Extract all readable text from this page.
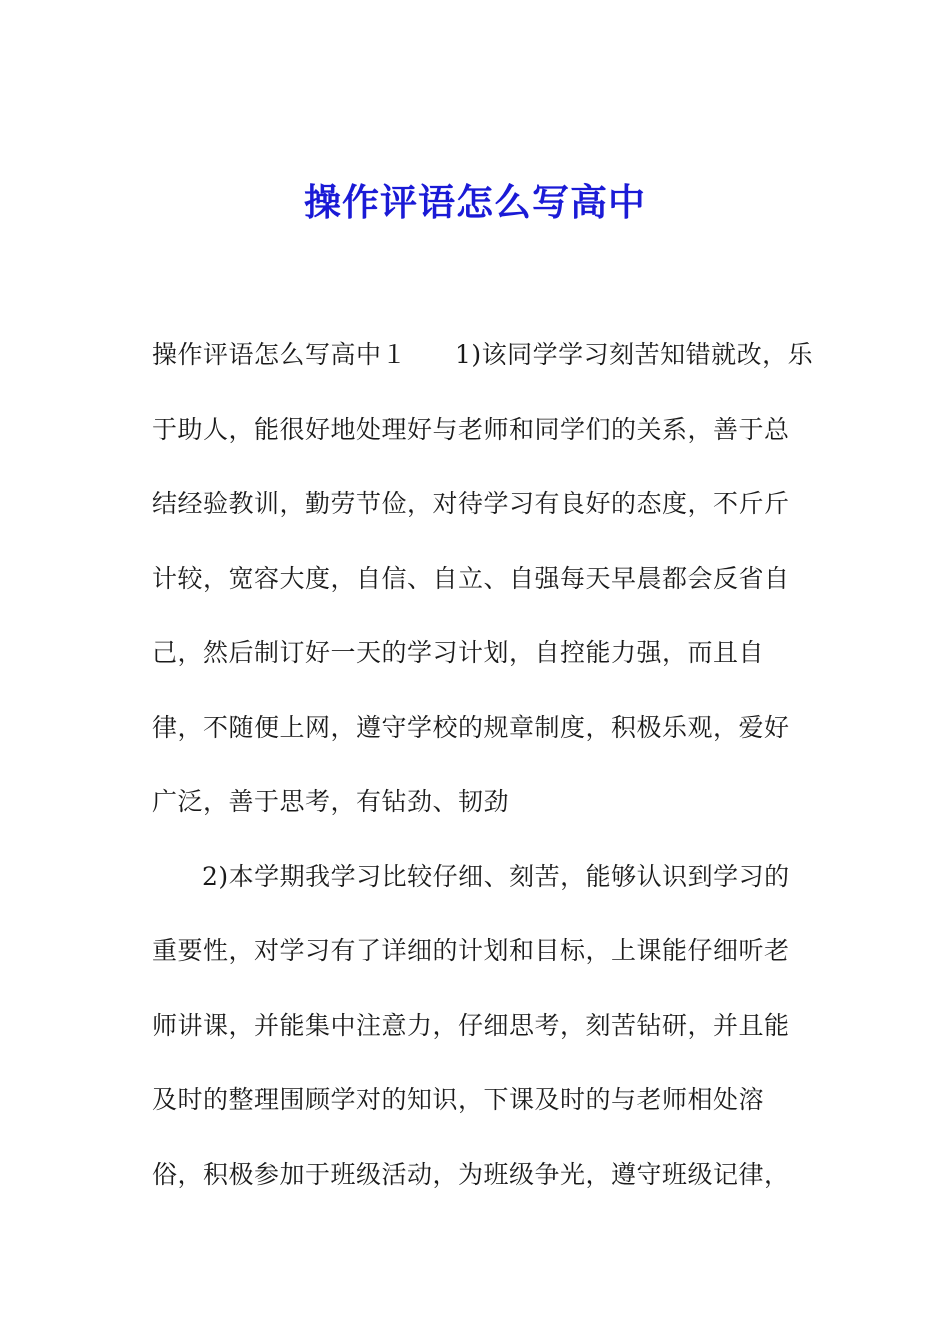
操作评语怎么写高中
操作评语怎么写高中１ 1)该同学学习刻苦知错就改，乐
于助人，能很好地处理好与老师和同学们的关系，善于总
结经验教训，勤劳节俭，对待学习有良好的态度，不斤斤
计较，宽容大度，自信、自立、自强每天早晨都会反省自
己，然后制订好一天的学习计划，自控能力强，而且自
律，不随便上网，遵守学校的规章制度，积极乐观，爱好
广泛，善于思考，有钻劲、韧劲
2)本学期我学习比较仔细、刻苦，能够认识到学习的
重要性，对学习有了详细的计划和目标，上课能仔细听老
师讲课，并能集中注意力，仔细思考，刻苦钻研，并且能
及时的整理围顾学对的知识，下课及时的与老师相处溶
俗，积极参加于班级活动，为班级争光，遵守班级记律，
